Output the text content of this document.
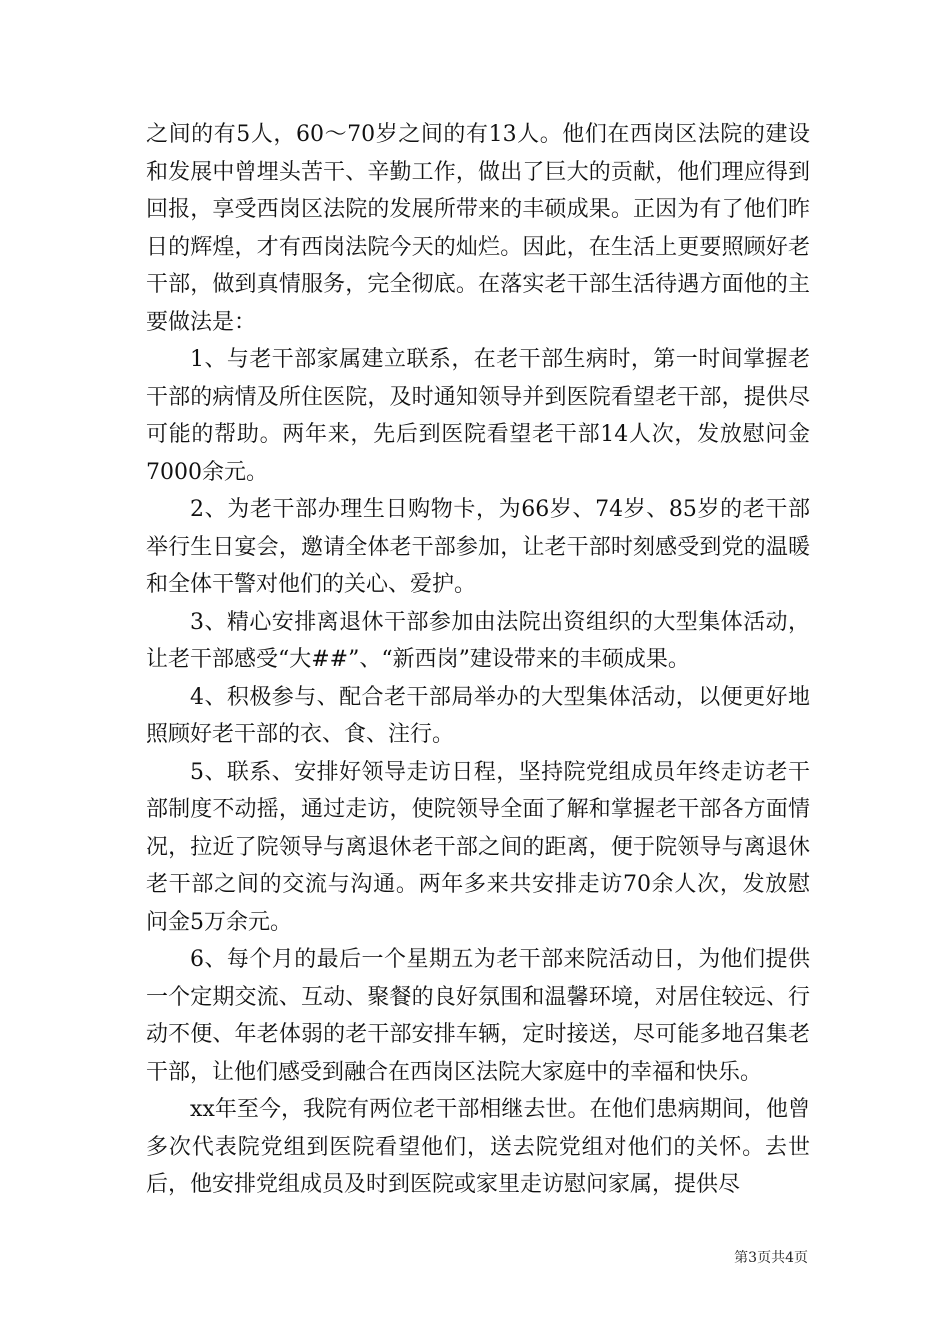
之间的有5人，60～70岁之间的有13人。他们在西岗区法院的建设和发展中曾埋头苦干、辛勤工作，做出了巨大的贡献，他们理应得到回报，享受西岗区法院的发展所带来的丰硕成果。正因为有了他们昨日的辉煌，才有西岗法院今天的灿烂。因此，在生活上更要照顾好老干部，做到真情服务，完全彻底。在落实老干部生活待遇方面他的主要做法是：

1、与老干部家属建立联系，在老干部生病时，第一时间掌握老干部的病情及所住医院，及时通知领导并到医院看望老干部，提供尽可能的帮助。两年来，先后到医院看望老干部14人次，发放慰问金7000余元。

2、为老干部办理生日购物卡，为66岁、74岁、85岁的老干部举行生日宴会，邀请全体老干部参加，让老干部时刻感受到党的温暖和全体干警对他们的关心、爱护。

3、精心安排离退休干部参加由法院出资组织的大型集体活动，让老干部感受“大##”、“新西岗”建设带来的丰硕成果。

4、积极参与、配合老干部局举办的大型集体活动，以便更好地照顾好老干部的衣、食、注行。

5、联系、安排好领导走访日程，坚持院党组成员年终走访老干部制度不动摇，通过走访，使院领导全面了解和掌握老干部各方面情况，拉近了院领导与离退休老干部之间的距离，便于院领导与离退休老干部之间的交流与沟通。两年多来共安排走访70余人次，发放慰问金5万余元。

6、每个月的最后一个星期五为老干部来院活动日，为他们提供一个定期交流、互动、聚餐的良好氛围和温馨环境，对居住较远、行动不便、年老体弱的老干部安排车辆，定时接送，尽可能多地召集老干部，让他们感受到融合在西岗区法院大家庭中的幸福和快乐。

xx年至今，我院有两位老干部相继去世。在他们患病期间，他曾多次代表院党组到医院看望他们，送去院党组对他们的关怀。去世后，他安排党组成员及时到医院或家里走访慰问家属，提供尽

第3页共4页
